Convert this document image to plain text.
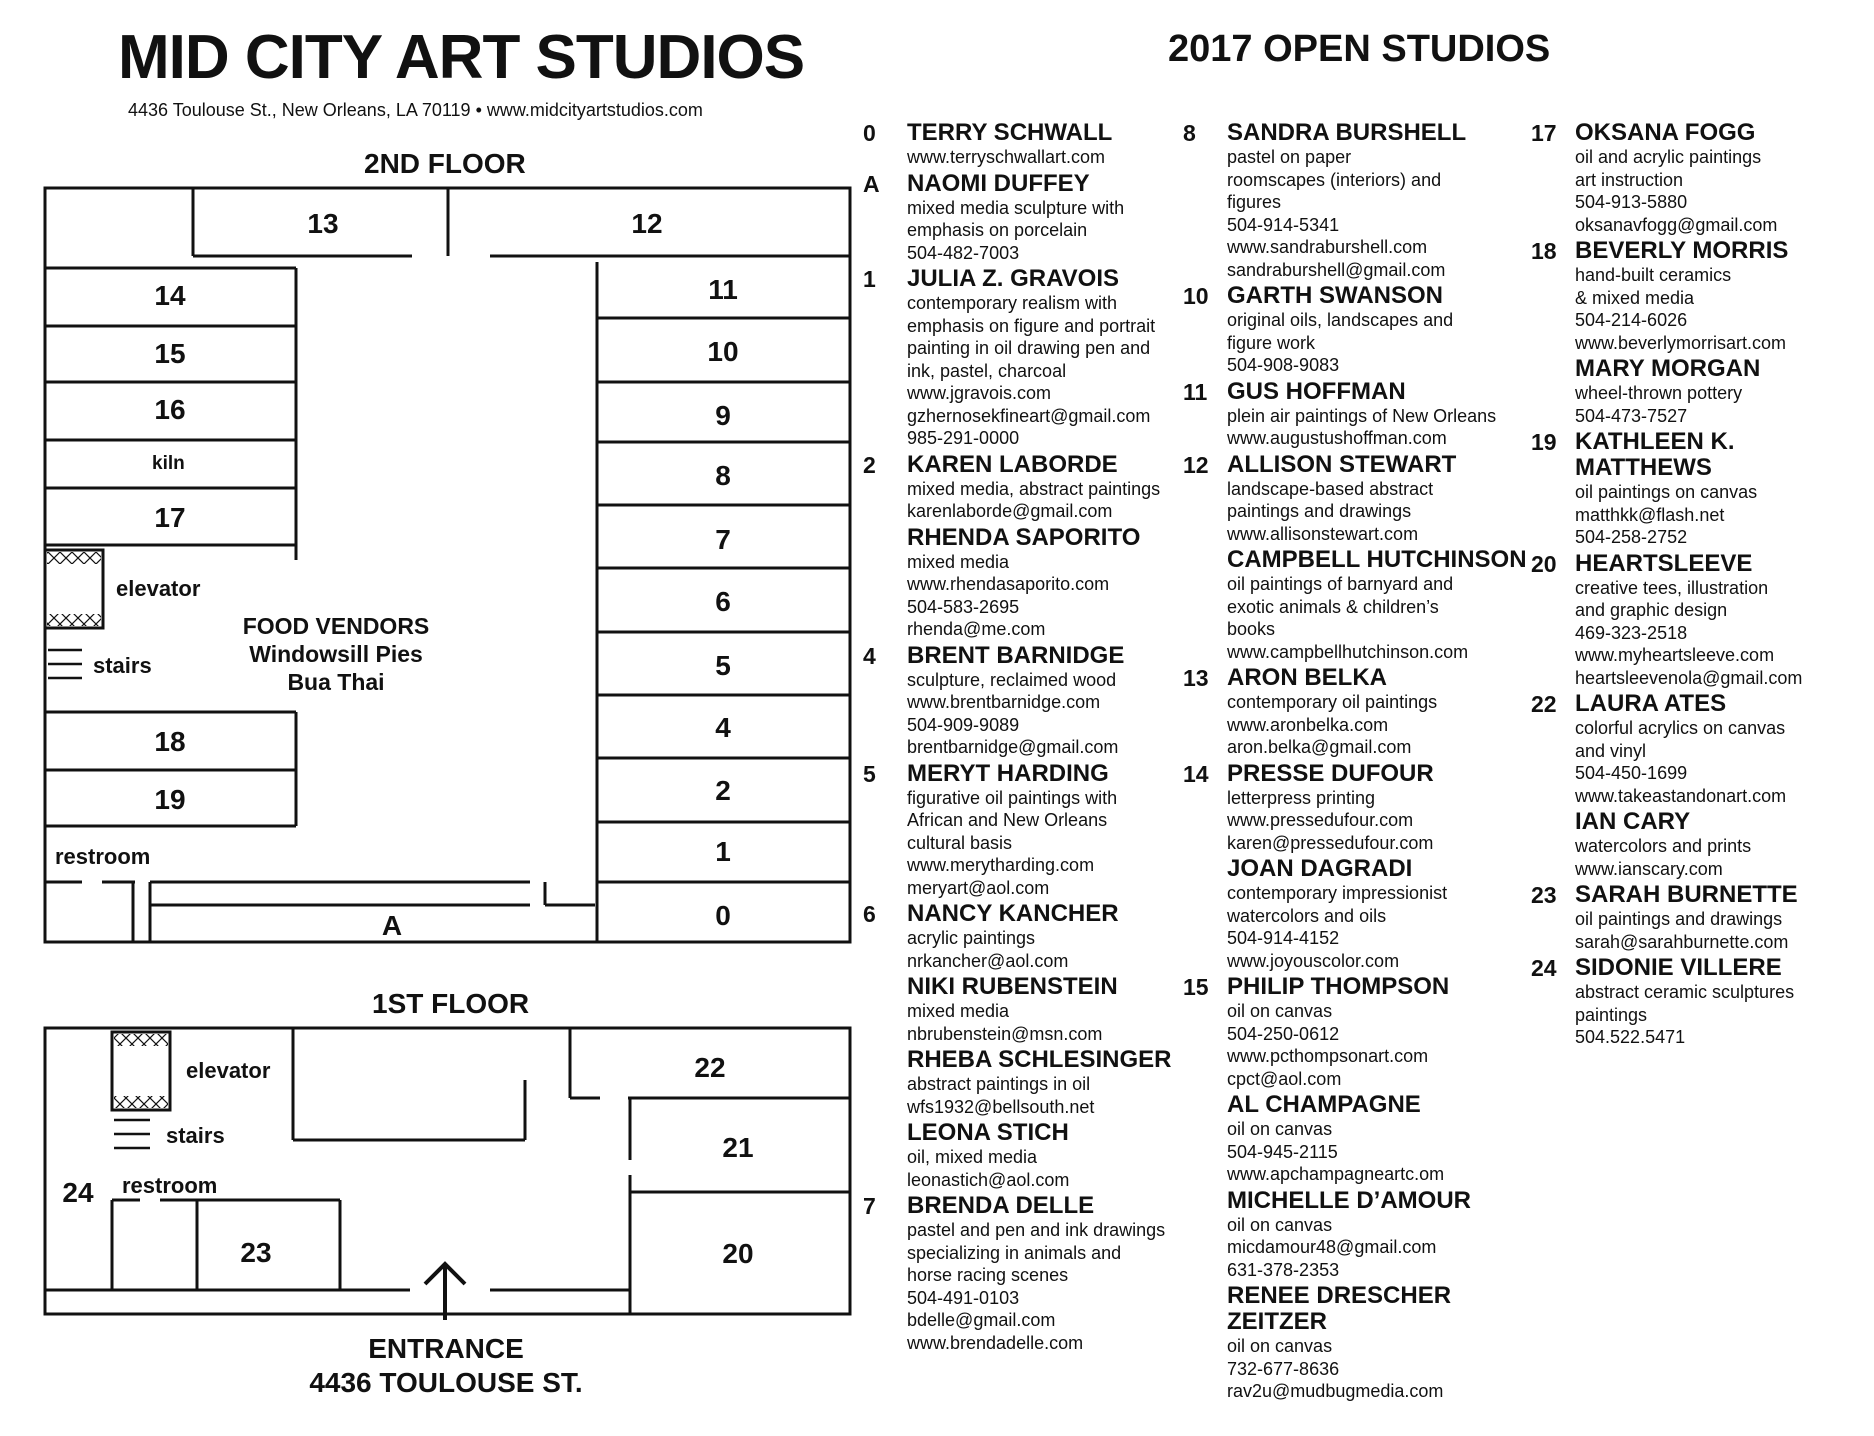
MID CITY ART STUDIOS
4436 Toulouse St., New Orleans, LA 70119 • www.midcityartstudios.com
2017 OPEN STUDIOS
2ND FLOOR
13	12
14
15
16
kiln
17
elevator
stairs
FOOD VENDORS
Windowsill Pies
Bua Thai
18
19
restroom
A
11
10
9
8
7
6
5
4
2
1
0
1ST FLOOR
elevator
stairs
24	restroom
23
22
21
20
ENTRANCE
4436 TOULOUSE ST.
0 TERRY SCHWALL
www.terryschwallart.com
A NAOMI DUFFEY
mixed media sculpture with
emphasis on porcelain
504-482-7003
1 JULIA Z. GRAVOIS
contemporary realism with
emphasis on figure and portrait
painting in oil drawing pen and
ink, pastel, charcoal
www.jgravois.com
gzhernosekfineart@gmail.com
985-291-0000
2 KAREN LABORDE
mixed media, abstract paintings
karenlaborde@gmail.com
RHENDA SAPORITO
mixed media
www.rhendasaporito.com
504-583-2695
rhenda@me.com
4 BRENT BARNIDGE
sculpture, reclaimed wood
www.brentbarnidge.com
504-909-9089
brentbarnidge@gmail.com
5 MERYT HARDING
figurative oil paintings with
African and New Orleans
cultural basis
www.merytharding.com
meryart@aol.com
6 NANCY KANCHER
acrylic paintings
nrkancher@aol.com
NIKI RUBENSTEIN
mixed media
nbrubenstein@msn.com
RHEBA SCHLESINGER
abstract paintings in oil
wfs1932@bellsouth.net
LEONA STICH
oil, mixed media
leonastich@aol.com
7 BRENDA DELLE
pastel and pen and ink drawings
specializing in animals and
horse racing scenes
504-491-0103
bdelle@gmail.com
www.brendadelle.com
8 SANDRA BURSHELL
pastel on paper
roomscapes (interiors) and
figures
504-914-5341
www.sandraburshell.com
sandraburshell@gmail.com
10 GARTH SWANSON
original oils, landscapes and
figure work
504-908-9083
11 GUS HOFFMAN
plein air paintings of New Orleans
www.augustushoffman.com
12 ALLISON STEWART
landscape-based abstract
paintings and drawings
www.allisonstewart.com
CAMPBELL HUTCHINSON
oil paintings of barnyard and
exotic animals & children’s
books
www.campbellhutchinson.com
13 ARON BELKA
contemporary oil paintings
www.aronbelka.com
aron.belka@gmail.com
14 PRESSE DUFOUR
letterpress printing
www.pressedufour.com
karen@pressedufour.com
JOAN DAGRADI
contemporary impressionist
watercolors and oils
504-914-4152
www.joyouscolor.com
15 PHILIP THOMPSON
oil on canvas
504-250-0612
www.pcthompsonart.com
cpct@aol.com
AL CHAMPAGNE
oil on canvas
504-945-2115
www.apchampagneartc.om
MICHELLE D’AMOUR
oil on canvas
micdamour48@gmail.com
631-378-2353
RENEE DRESCHER ZEITZER
oil on canvas
732-677-8636
rav2u@mudbugmedia.com
17 OKSANA FOGG
oil and acrylic paintings
art instruction
504-913-5880
oksanavfogg@gmail.com
18 BEVERLY MORRIS
hand-built ceramics
& mixed media
504-214-6026
www.beverlymorrisart.com
MARY MORGAN
wheel-thrown pottery
504-473-7527
19 KATHLEEN K. MATTHEWS
oil paintings on canvas
matthkk@flash.net
504-258-2752
20 HEARTSLEEVE
creative tees, illustration
and graphic design
469-323-2518
www.myheartsleeve.com
heartsleevenola@gmail.com
22 LAURA ATES
colorful acrylics on canvas
and vinyl
504-450-1699
www.takeastandonart.com
IAN CARY
watercolors and prints
www.ianscary.com
23 SARAH BURNETTE
oil paintings and drawings
sarah@sarahburnette.com
24 SIDONIE VILLERE
abstract ceramic sculptures
paintings
504.522.5471
